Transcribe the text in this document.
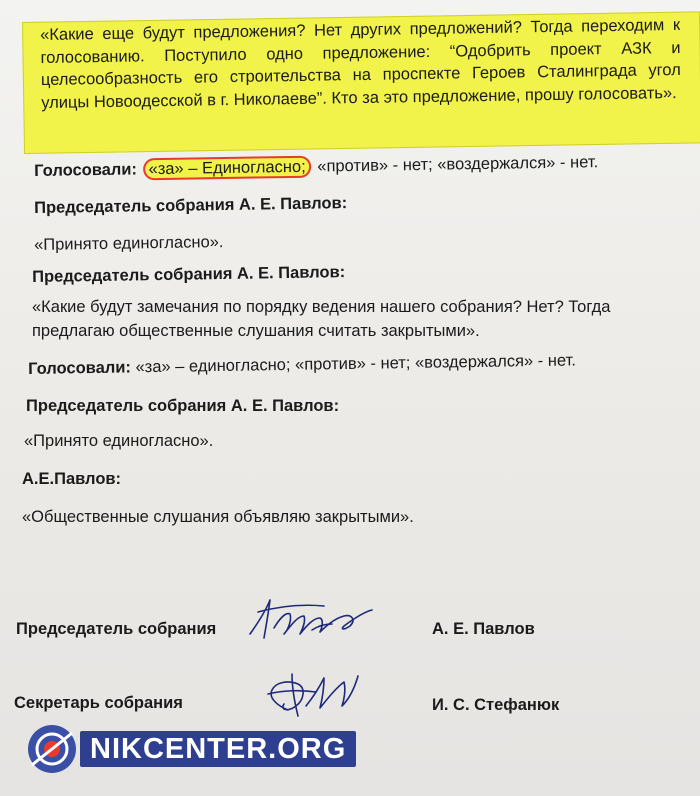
«Какие еще будут предложения? Нет других предложений? Тогда переходим к голосованию. Поступило одно предложение: “Одобрить проект АЗК и целесообразность его строительства на проспекте Героев Сталинграда угол улицы Новоодесской в г. Николаеве”. Кто за это предложение, прошу голосовать».
Голосовали: «за» – Единогласно; «против» - нет; «воздержался» - нет.
Председатель собрания А. Е. Павлов:
«Принято единогласно».
Председатель собрания А. Е. Павлов:
«Какие будут замечания по порядку ведения нашего собрания? Нет? Тогда предлагаю общественные слушания считать закрытыми».
Голосовали: «за» – единогласно; «против» - нет; «воздержался» - нет.
Председатель собрания А. Е. Павлов:
«Принято единогласно».
А.Е.Павлов:
«Общественные слушания объявляю закрытыми».
Председатель собрания	А. Е. Павлов
Секретарь собрания	И. С. Стефанюк
NIKCENTER.ORG
